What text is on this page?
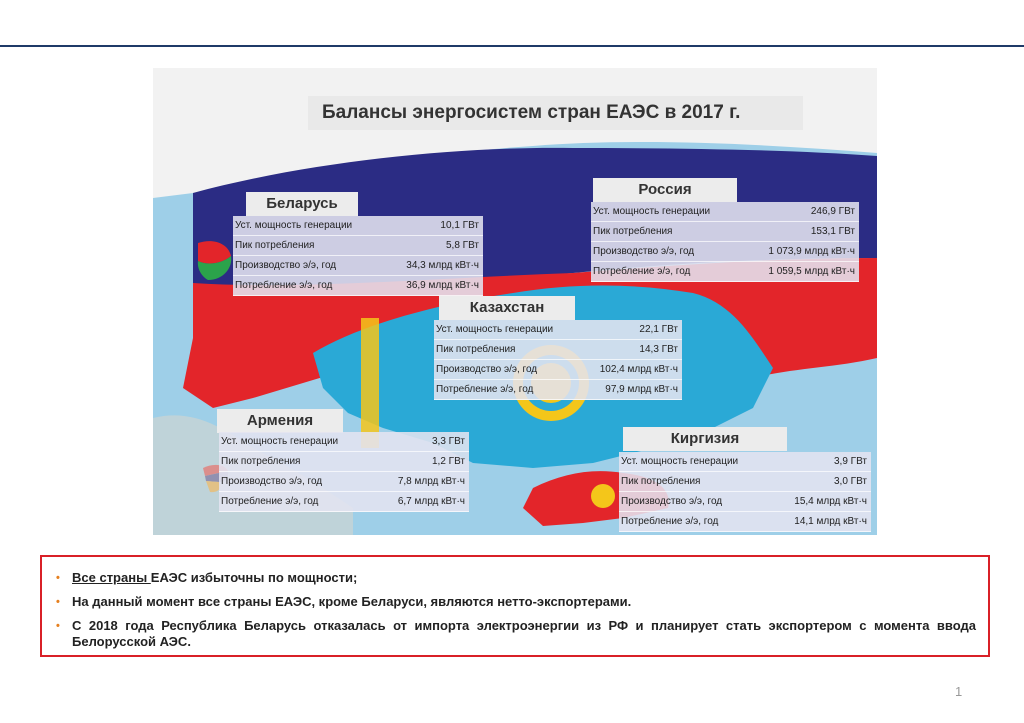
Балансы энергосистем стран ЕАЭС в 2017 г.
Беларусь
Уст. мощность генерации	10,1 ГВт
Пик потребления	5,8 ГВт
Производство э/э, год	34,3 млрд кВт·ч
Потребление э/э, год	36,9 млрд кВт·ч
Россия
Уст. мощность генерации	246,9 ГВт
Пик потребления	153,1 ГВт
Производство э/э, год	1 073,9 млрд кВт·ч
Потребление э/э, год	1 059,5 млрд кВт·ч
Казахстан
Уст. мощность генерации	22,1 ГВт
Пик потребления	14,3 ГВт
Производство э/э, год	102,4 млрд кВт·ч
Потребление э/э, год	97,9 млрд кВт·ч
Армения
Уст. мощность генерации	3,3 ГВт
Пик потребления	1,2 ГВт
Производство э/э, год	7,8 млрд кВт·ч
Потребление э/э, год	6,7 млрд кВт·ч
Киргизия
Уст. мощность генерации	3,9 ГВт
Пик потребления	3,0 ГВт
Производство э/э, год	15,4 млрд кВт·ч
Потребление э/э, год	14,1 млрд кВт·ч
• Все страны ЕАЭС избыточны по мощности;
• На данный момент все страны ЕАЭС, кроме Беларуси, являются нетто-экспортерами.
• С 2018 года Республика Беларусь отказалась от импорта электроэнергии из РФ и планирует стать экспортером с момента ввода Белорусской АЭС.
1
